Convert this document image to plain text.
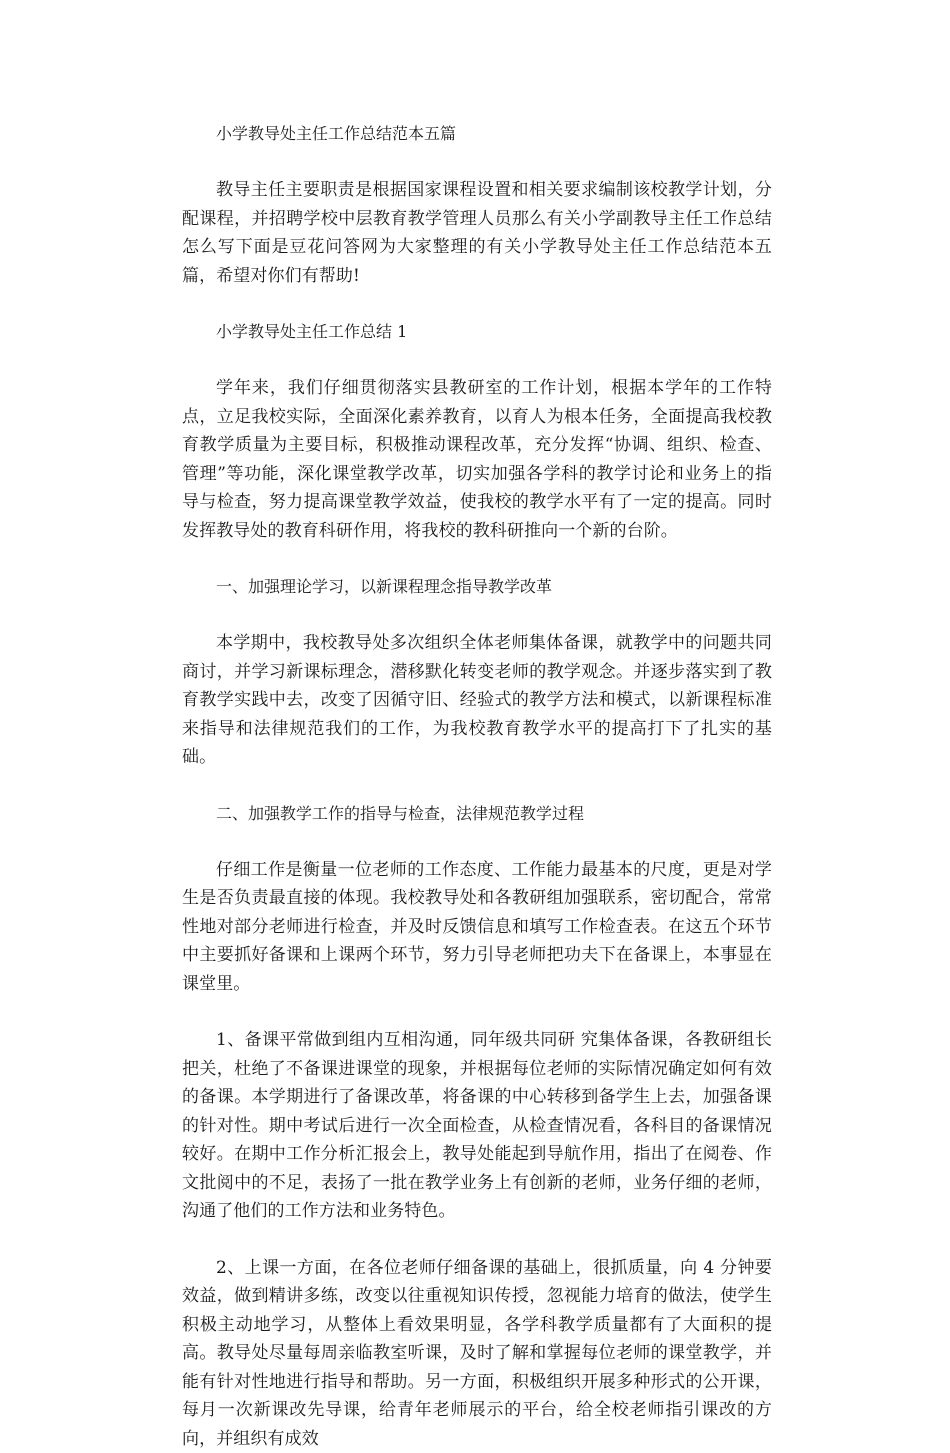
小学教导处主任工作总结范本五篇

教导主任主要职责是根据国家课程设置和相关要求编制该校教学计划，分配课程，并招聘学校中层教育教学管理人员那么有关小学副教导主任工作总结怎么写下面是豆花问答网为大家整理的有关小学教导处主任工作总结范本五篇，希望对你们有帮助!

小学教导处主任工作总结 1

学年来，我们仔细贯彻落实县教研室的工作计划，根据本学年的工作特点，立足我校实际，全面深化素养教育，以育人为根本任务，全面提高我校教育教学质量为主要目标，积极推动课程改革，充分发挥“协调、组织、检查、管理”等功能，深化课堂教学改革，切实加强各学科的教学讨论和业务上的指导与检查，努力提高课堂教学效益，使我校的教学水平有了一定的提高。同时发挥教导处的教育科研作用，将我校的教科研推向一个新的台阶。

一、加强理论学习，以新课程理念指导教学改革

本学期中，我校教导处多次组织全体老师集体备课，就教学中的问题共同商讨，并学习新课标理念，潜移默化转变老师的教学观念。并逐步落实到了教育教学实践中去，改变了因循守旧、经验式的教学方法和模式，以新课程标准来指导和法律规范我们的工作，为我校教育教学水平的提高打下了扎实的基础。

二、加强教学工作的指导与检查，法律规范教学过程

仔细工作是衡量一位老师的工作态度、工作能力最基本的尺度，更是对学生是否负责最直接的体现。我校教导处和各教研组加强联系，密切配合，常常性地对部分老师进行检查，并及时反馈信息和填写工作检查表。在这五个环节中主要抓好备课和上课两个环节，努力引导老师把功夫下在备课上，本事显在课堂里。

1、备课平常做到组内互相沟通，同年级共同研 究集体备课，各教研组长把关，杜绝了不备课进课堂的现象，并根据每位老师的实际情况确定如何有效的备课。本学期进行了备课改革，将备课的中心转移到备学生上去，加强备课的针对性。期中考试后进行一次全面检查，从检查情况看，各科目的备课情况较好。在期中工作分析汇报会上，教导处能起到导航作用，指出了在阅卷、作文批阅中的不足，表扬了一批在教学业务上有创新的老师，业务仔细的老师，沟通了他们的工作方法和业务特色。

2、上课一方面，在各位老师仔细备课的基础上，很抓质量，向 4 分钟要效益，做到精讲多练，改变以往重视知识传授，忽视能力培育的做法，使学生积极主动地学习，从整体上看效果明显，各学科教学质量都有了大面积的提高。教导处尽量每周亲临教室听课，及时了解和掌握每位老师的课堂教学，并能有针对性地进行指导和帮助。另一方面，积极组织开展多种形式的公开课，每月一次新课改先导课，给青年老师展示的平台，给全校老师指引课改的方向，并组织有成效
